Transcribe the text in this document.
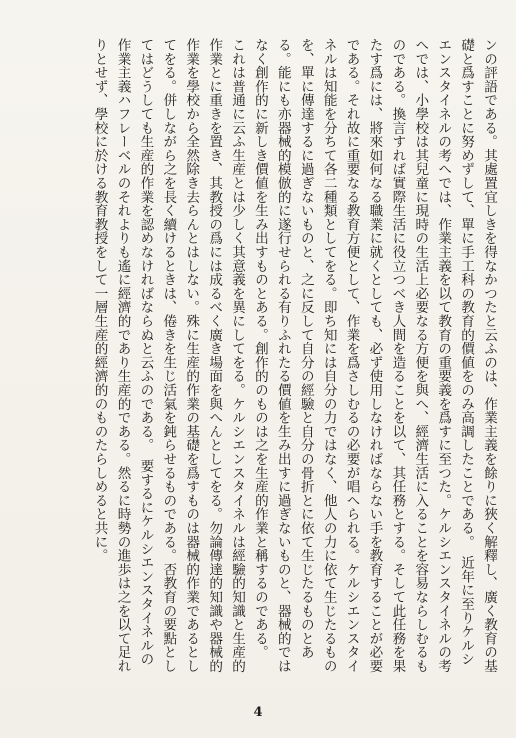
ンの評語である。其處置宜しきを得なかつたと云ふのは、作業主義を餘りに狹く解釋し、廣く教育の基礎と爲すことに努めずして、單に手工科の教育的價値をのみ高調したことである。　近年に至りケルシエンスタイネルの考へでは、作業主義を以て教育の重要義を爲すに至つた。ケルシエンスタイネルの考へでは、小學校は其兒童に現時の生活上必要なる方便を與へ、經濟生活に入ることを容易ならしむるものである。換言すれば實際生活に役立つべき人間を造ることを以て、其任務とする。そして此任務を果たす爲には、將來如何なる職業に就くとしても、必ず使用しなければならない手を教育することが必要である。それ故に重要なる教育方便として、作業を爲さしむるの必要が唱へられる。ケルシエンスタイネルは知能を分ちて各二種類としてをる。即ち知には自分の力ではなく、他人の力に依て生じたるものを、單に傳達するに過ぎないものと、之に反して自分の經驗と自分の骨折とに依て生じたるものとある。能にも亦器械的模倣的に遂行せられる有りふれたる價値を生み出すに過ぎないものと、器械的ではなく創作的に新しき價値を生み出すものとある。創作的のものは之を生産的作業と稱するのである。　これは普通に云ふ生産とは少しく其意義を異にしてをる。ケルシエンスタイネルは經驗的知識と生産的作業とに重きを置き、其教授の爲には成るべく廣き場面を與へんとしてをる。勿論傳達的知識や器械的作業を學校から全然除き去らんとはしない。殊に生産的作業の基礎を爲すものは器械的作業であるとしてをる。併しながら之を長く續けるときは、倦きを生じ活氣を鈍らせるものである。否教育の要點としてはどうしても生産的作業を認めなければならぬと云ふのである。　要するにケルシエンスタイネルの作業主義ハフレーベルのそれよりも遙に經濟的であり生産的である。然るに時勢の進歩は之を以て足れりとせず、學校に於ける教育教授をして一層生産的經濟的のものたらしめると共に。
4
